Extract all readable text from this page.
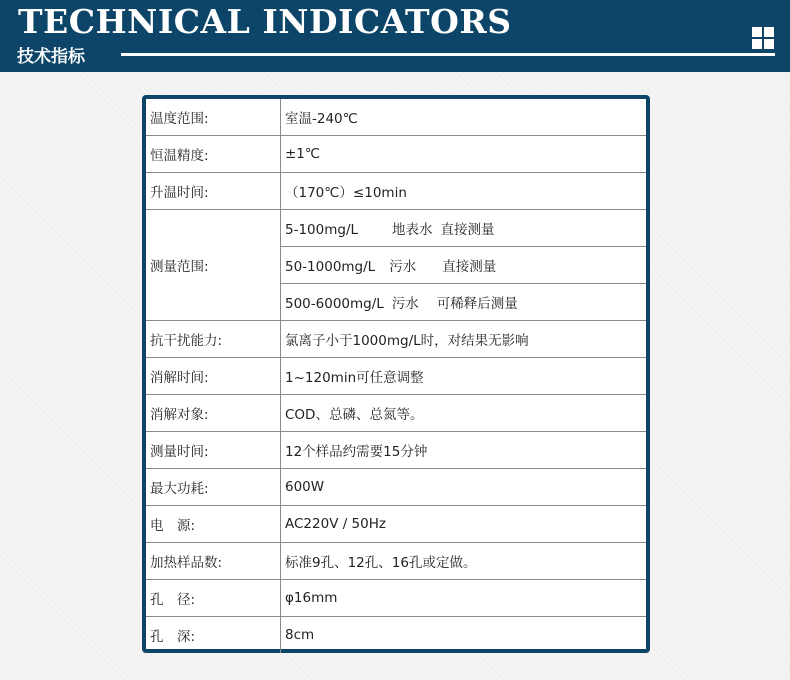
TECHNICAL INDICATORS
技术指标
温度范围:	室温-240℃
恒温精度:	±1℃
升温时间:	（170℃）≤10min
测量范围:	5-100mg/L 地表水 直接测量
	50-1000mg/L 污水 直接测量
	500-6000mg/L 污水 可稀释后测量
抗干扰能力:	氯离子小于1000mg/L时，对结果无影响
消解时间:	1~120min可任意调整
消解对象:	COD、总磷、总氮等。
测量时间:	12个样品约需要15分钟
最大功耗:	600W
电　源:	AC220V / 50Hz
加热样品数:	标准9孔、12孔、16孔或定做。
孔　径:	φ16mm
孔　深:	8cm
